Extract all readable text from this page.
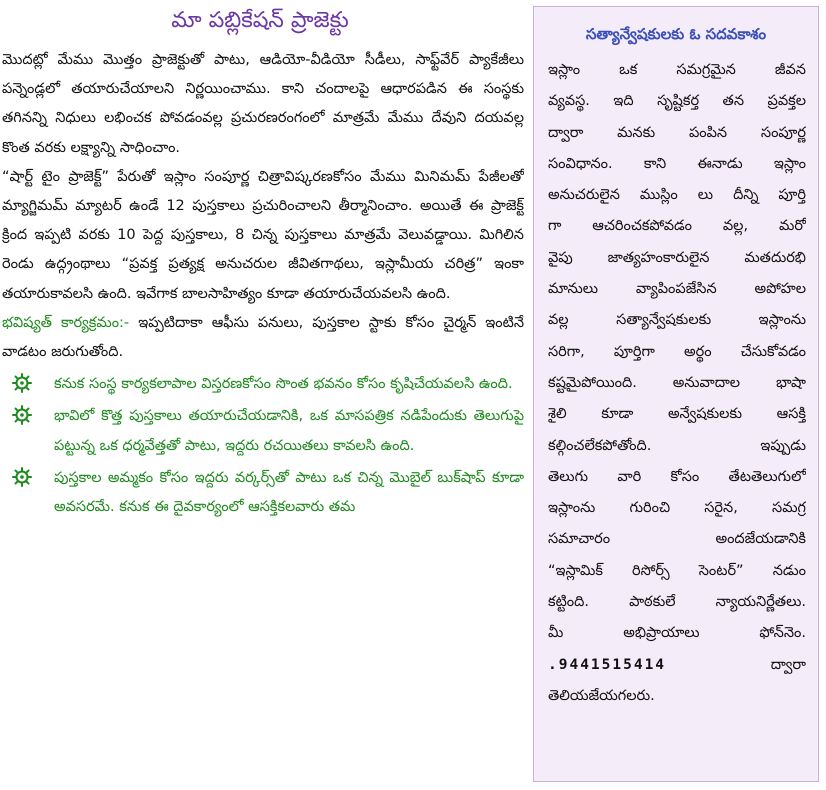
మా పబ్లికేషన్ ప్రాజెక్టు
మొదట్లో మేము మొత్తం ప్రాజెక్టుతో పాటు, ఆడియో-వీడియో సీడీలు, సాఫ్ట్‌వేర్ ప్యాకేజీలు పన్నెండ్లలో తయారుచేయాలని నిర్ణయించాము. కాని చందాలపై ఆధారపడిన ఈ సంస్థకు తగినన్ని నిధులు లభించక పోవడంవల్ల ప్రచురణరంగంలో మాత్రమే మేము దేవుని దయవల్ల కొంత వరకు లక్ష్యాన్ని సాధించాం.
“షార్ట్ టైం ప్రాజెక్ట్” పేరుతో ఇస్లాం సంపూర్ణ చిత్రావిష్కరణకోసం మేము మినిమమ్ పేజీలతో మ్యాగ్జిమమ్ మ్యాటర్ ఉండే 12 పుస్తకాలు ప్రచురించాలని తీర్మానించాం. అయితే ఈ ప్రాజెక్ట్ క్రింద ఇప్పటి వరకు 10 పెద్ద పుస్తకాలు, 8 చిన్న పుస్తకాలు మాత్రమే వెలువడ్డాయి. మిగిలిన రెండు ఉద్గ్రంథాలు “ప్రవక్త ప్రత్యక్ష అనుచరుల జీవితగాథలు, ఇస్లామీయ చరిత్ర” ఇంకా తయారుకావలసి ఉంది. ఇవేగాక బాలసాహిత్యం కూడా తయారుచేయవలసి ఉంది.
భవిష్యత్ కార్యక్రమం:- ఇప్పటిదాకా ఆఫీసు పనులు, పుస్తకాల స్టాకు కోసం చైర్మన్ ఇంటినే వాడటం జరుగుతోంది.
కనుక సంస్థ కార్యకలాపాల విస్తరణకోసం సొంత భవనం కోసం కృషిచేయవలసి ఉంది.
భావిలో కొత్త పుస్తకాలు తయారుచేయడానికి, ఒక మాసపత్రిక నడిపేందుకు తెలుగుపై పట్టున్న ఒక ధర్మవేత్తతో పాటు, ఇద్దరు రచయితలు కావలసి ఉంది.
పుస్తకాల అమ్మకం కోసం ఇద్దరు వర్కర్స్‌తో పాటు ఒక చిన్న మొబైల్ బుక్‌షాప్ కూడా అవసరమే. కనుక ఈ దైవకార్యంలో ఆసక్తికలవారు తమ
సత్యాన్వేషకులకు ఓ సదవకాశం
ఇస్లాం ఒక సమగ్రమైన జీవన
వ్యవస్థ. ఇది సృష్టికర్త తన ప్రవక్తల
ద్వారా మనకు పంపిన సంపూర్ణ
సంవిధానం. కాని ఈనాడు ఇస్లాం
అనుచరులైన ముస్లిం లు దీన్ని పూర్తి
గా ఆచరించకపోవడం వల్ల, మరో
వైపు జాత్యహంకారులైన మతదురభి
మానులు వ్యాపింపజేసిన అపోహల
వల్ల సత్యాన్వేషకులకు ఇస్లాంను
సరిగా, పూర్తిగా అర్థం చేసుకోవడం
కష్టమైపోయింది. అనువాదాల భాషా
శైలి కూడా అన్వేషకులకు ఆసక్తి
కల్గించలేకపోతోంది. ఇప్పుడు
తెలుగు వారి కోసం తేటతెలుగులో
ఇస్లాంను గురించి సరైన, సమగ్ర
సమాచారం అందజేయడానికి
“ఇస్లామిక్ రిసోర్స్ సెంటర్” నడుం
కట్టింది. పాఠకులే న్యాయనిర్ణేతలు.
మీ అభిప్రాయాలు ఫోన్‌నెం.
.9441515414	ద్వారా
తెలియజేయగలరు.
